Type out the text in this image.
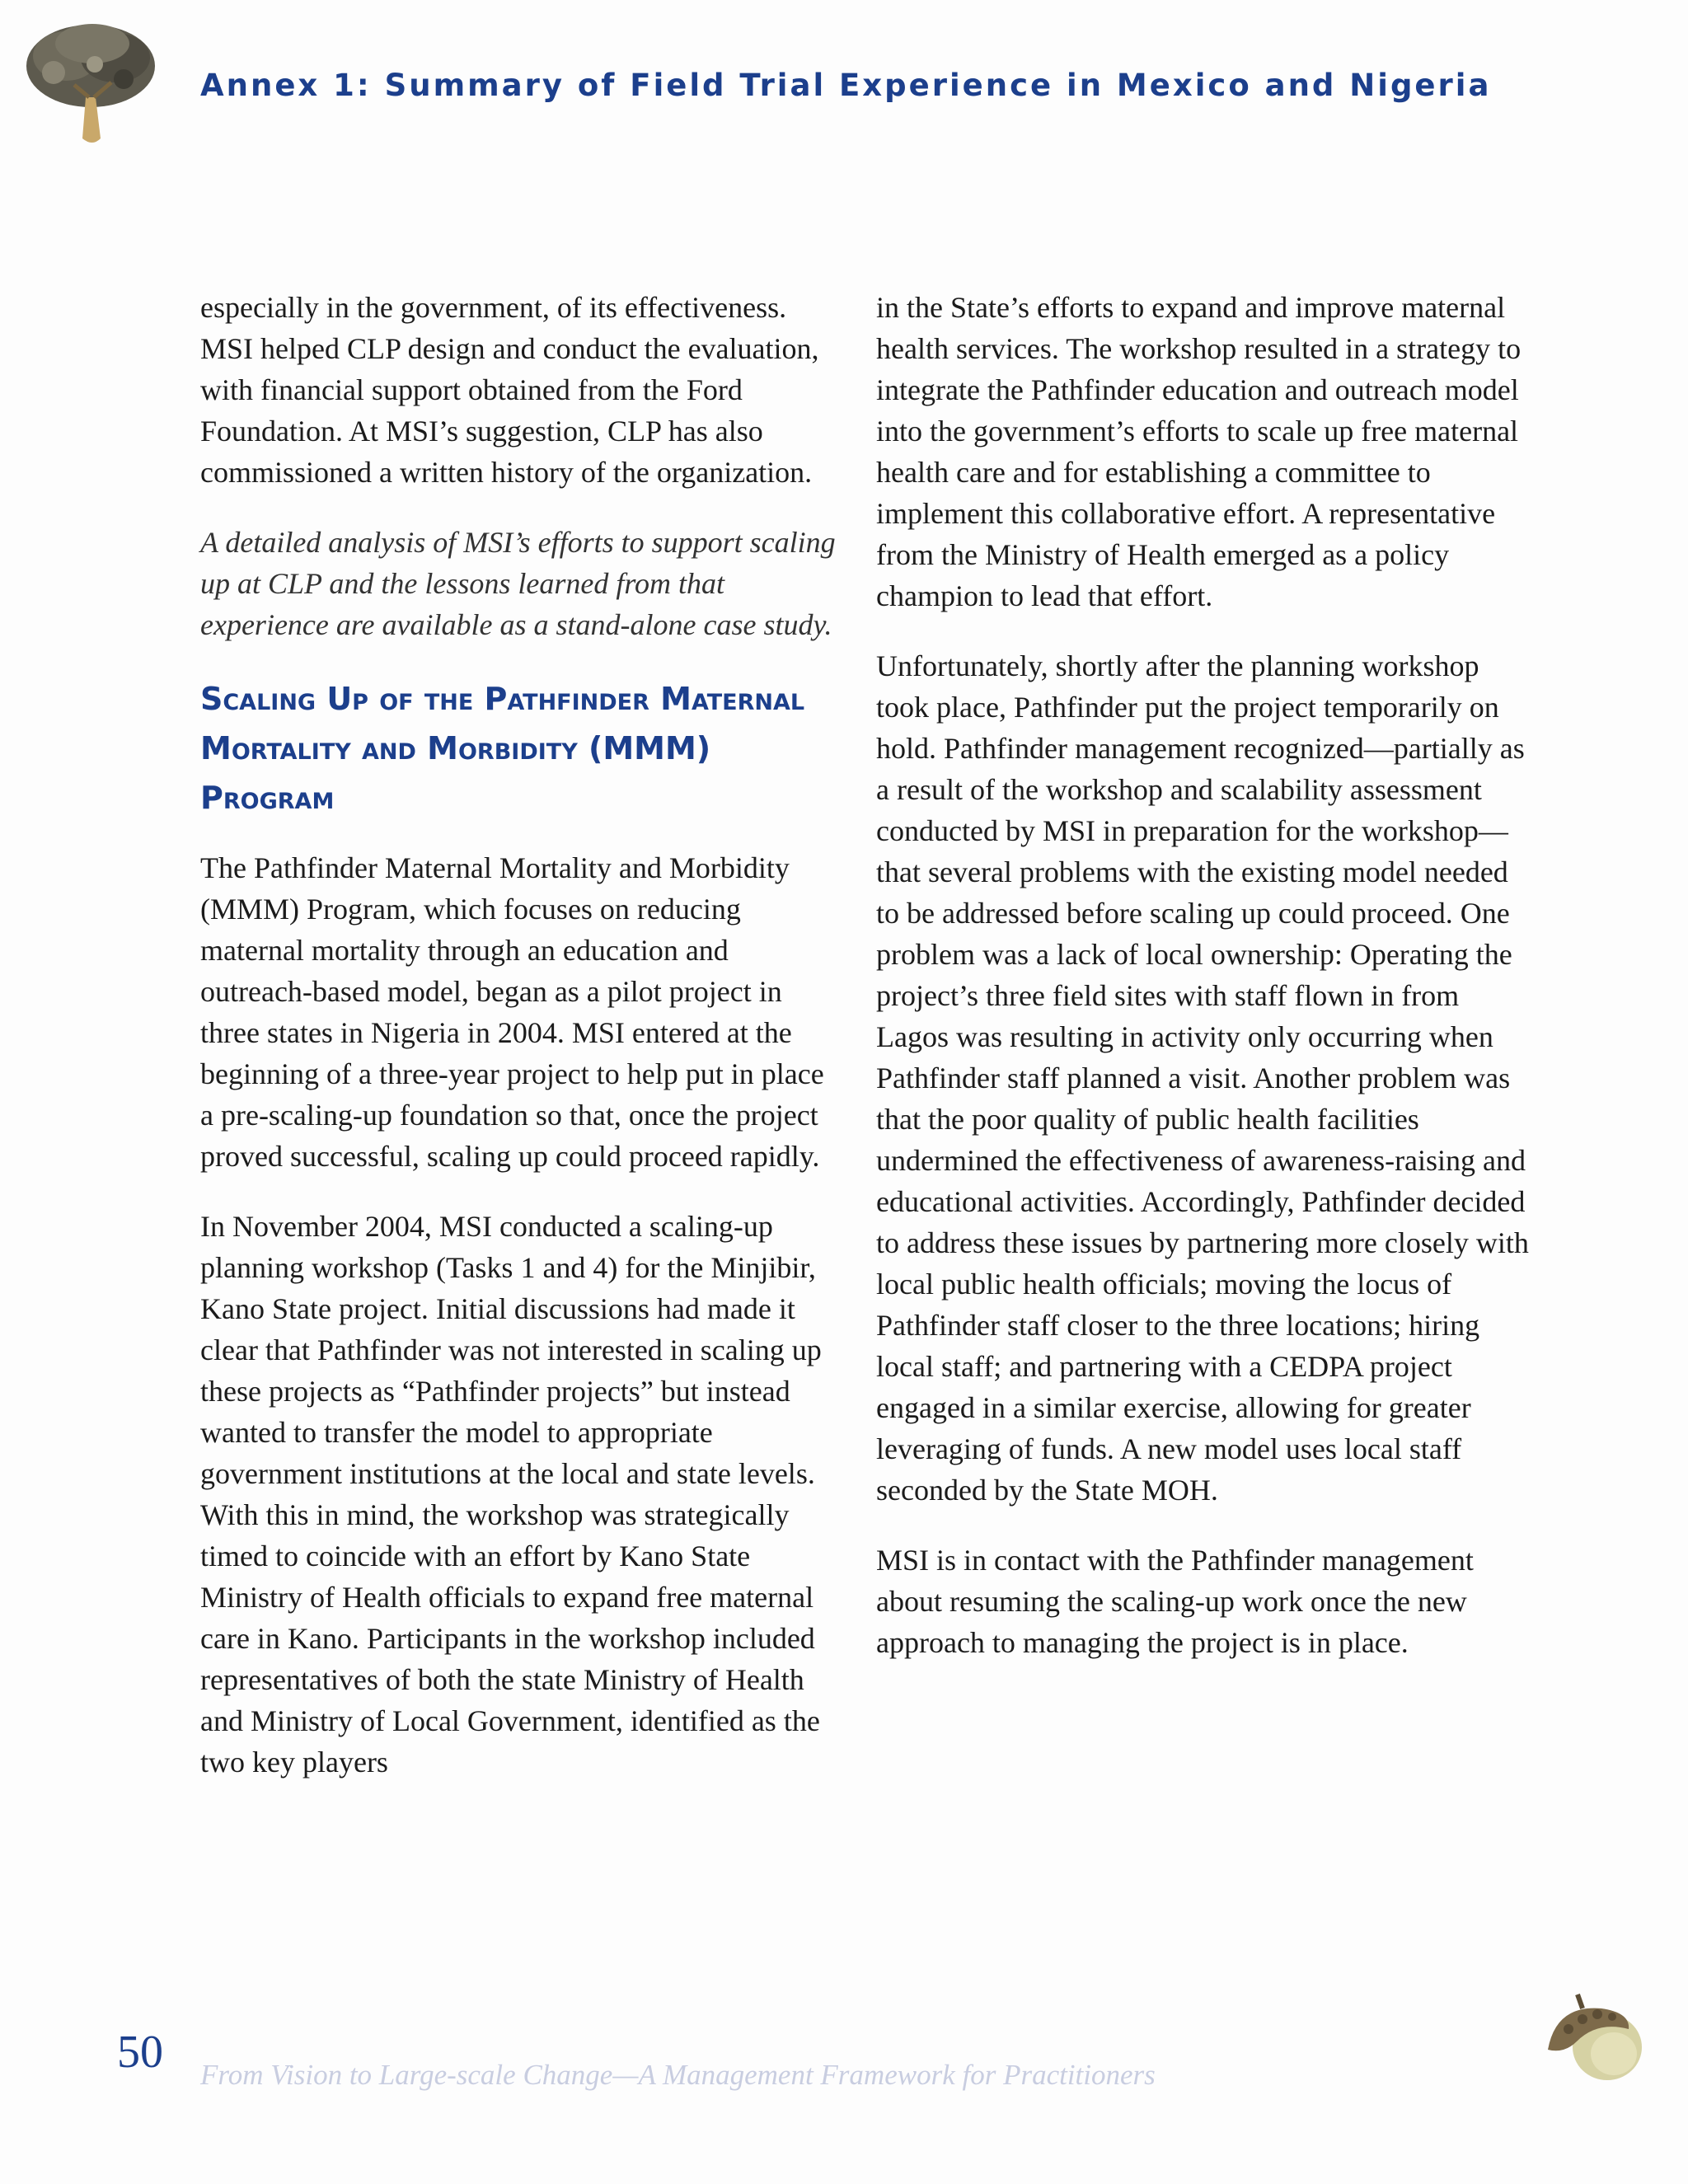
Annex 1: Summary of Field Trial Experience in Mexico and Nigeria

especially in the government, of its effectiveness. MSI helped CLP design and conduct the evaluation, with financial support obtained from the Ford Foundation. At MSI’s suggestion, CLP has also commissioned a written history of the organization.

A detailed analysis of MSI’s efforts to support scaling up at CLP and the lessons learned from that experience are available as a stand-alone case study.

Scaling Up of the Pathfinder Maternal Mortality and Morbidity (MMM) Program

The Pathfinder Maternal Mortality and Morbidity (MMM) Program, which focuses on reducing maternal mortality through an education and outreach-based model, began as a pilot project in three states in Nigeria in 2004. MSI entered at the beginning of a three-year project to help put in place a pre-scaling-up foundation so that, once the project proved successful, scaling up could proceed rapidly.

In November 2004, MSI conducted a scaling-up planning workshop (Tasks 1 and 4) for the Minjibir, Kano State project. Initial discussions had made it clear that Pathfinder was not interested in scaling up these projects as “Pathfinder projects” but instead wanted to transfer the model to appropriate government institutions at the local and state levels. With this in mind, the workshop was strategically timed to coincide with an effort by Kano State Ministry of Health officials to expand free maternal care in Kano. Participants in the workshop included representatives of both the state Ministry of Health and Ministry of Local Government, identified as the two key players

in the State’s efforts to expand and improve maternal health services. The workshop resulted in a strategy to integrate the Pathfinder education and outreach model into the government’s efforts to scale up free maternal health care and for establishing a committee to implement this collaborative effort. A representative from the Ministry of Health emerged as a policy champion to lead that effort.

Unfortunately, shortly after the planning workshop took place, Pathfinder put the project temporarily on hold. Pathfinder management recognized—partially as a result of the workshop and scalability assessment conducted by MSI in preparation for the workshop—that several problems with the existing model needed to be addressed before scaling up could proceed. One problem was a lack of local ownership: Operating the project’s three field sites with staff flown in from Lagos was resulting in activity only occurring when Pathfinder staff planned a visit. Another problem was that the poor quality of public health facilities undermined the effectiveness of awareness-raising and educational activities. Accordingly, Pathfinder decided to address these issues by partnering more closely with local public health officials; moving the locus of Pathfinder staff closer to the three locations; hiring local staff; and partnering with a CEDPA project engaged in a similar exercise, allowing for greater leveraging of funds. A new model uses local staff seconded by the State MOH.

MSI is in contact with the Pathfinder management about resuming the scaling-up work once the new approach to managing the project is in place.

50 From Vision to Large-scale Change—A Management Framework for Practitioners
